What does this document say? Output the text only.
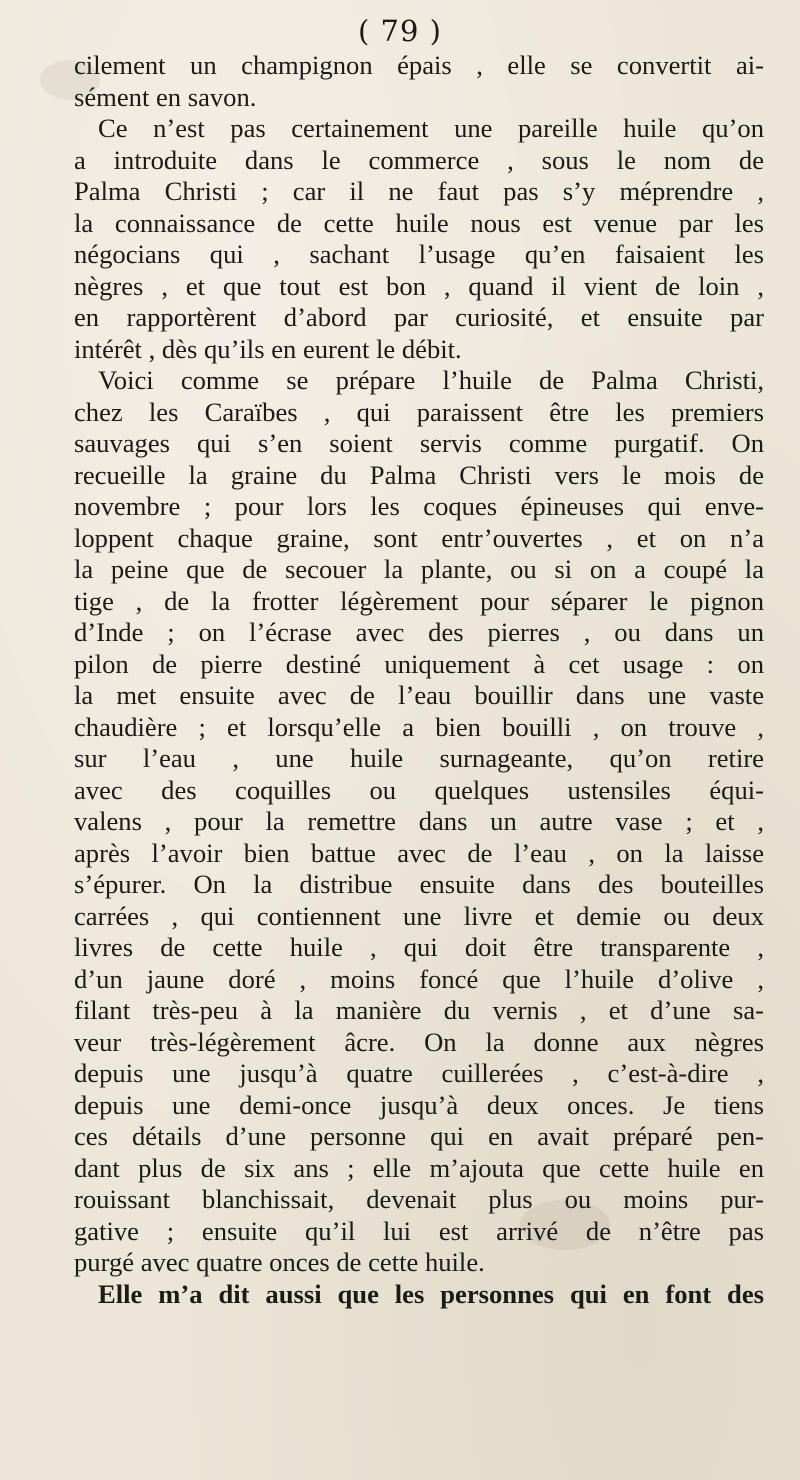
( 79 )
cilement un champignon épais , elle se convertit ai-
sément en savon.
Ce n’est pas certainement une pareille huile qu’on
a introduite dans le commerce , sous le nom de
Palma Christi ; car il ne faut pas s’y méprendre ,
la connaissance de cette huile nous est venue par les
négocians qui , sachant l’usage qu’en faisaient les
nègres , et que tout est bon , quand il vient de loin ,
en rapportèrent d’abord par curiosité, et ensuite par
intérêt , dès qu’ils en eurent le débit.
Voici comme se prépare l’huile de Palma Christi,
chez les Caraïbes , qui paraissent être les premiers
sauvages qui s’en soient servis comme purgatif. On
recueille la graine du Palma Christi vers le mois de
novembre ; pour lors les coques épineuses qui enve-
loppent chaque graine, sont entr’ouvertes , et on n’a
la peine que de secouer la plante, ou si on a coupé la
tige , de la frotter légèrement pour séparer le pignon
d’Inde ; on l’écrase avec des pierres , ou dans un
pilon de pierre destiné uniquement à cet usage : on
la met ensuite avec de l’eau bouillir dans une vaste
chaudière ; et lorsqu’elle a bien bouilli , on trouve ,
sur l’eau , une huile surnageante, qu’on retire
avec des coquilles ou quelques ustensiles équi-
valens , pour la remettre dans un autre vase ; et ,
après l’avoir bien battue avec de l’eau , on la laisse
s’épurer. On la distribue ensuite dans des bouteilles
carrées , qui contiennent une livre et demie ou deux
livres de cette huile , qui doit être transparente ,
d’un jaune doré , moins foncé que l’huile d’olive ,
filant très-peu à la manière du vernis , et d’une sa-
veur très-légèrement âcre. On la donne aux nègres
depuis une jusqu’à quatre cuillerées , c’est-à-dire ,
depuis une demi-once jusqu’à deux onces. Je tiens
ces détails d’une personne qui en avait préparé pen-
dant plus de six ans ; elle m’ajouta que cette huile en
rouissant blanchissait, devenait plus ou moins pur-
gative ; ensuite qu’il lui est arrivé de n’être pas
purgé avec quatre onces de cette huile.
Elle m’a dit aussi que les personnes qui en font des
